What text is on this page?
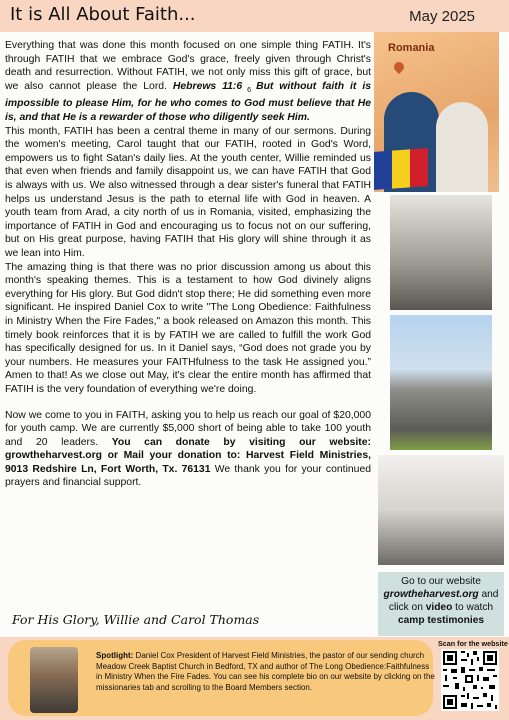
It is All About Faith...	May 2025

Everything that was done this month focused on one simple thing FATIH. It's through FATIH that we embrace God's grace, freely given through Christ's death and resurrection. Without FATIH, we not only miss this gift of grace, but we also cannot please the Lord. Hebrews 11:6 $_6$ But without faith it is impossible to please Him, for he who comes to God must believe that He is, and that He is a rewarder of those who diligently seek Him.

This month, FATIH has been a central theme in many of our sermons. During the women's meeting, Carol taught that our FATIH, rooted in God's Word, empowers us to fight Satan's daily lies. At the youth center, Willie reminded us that even when friends and family disappoint us, we can have FATIH that God is always with us. We also witnessed through a dear sister's funeral that FATIH helps us understand Jesus is the path to eternal life with God in heaven. A youth team from Arad, a city north of us in Romania, visited, emphasizing the importance of FATIH in God and encouraging us to focus not on our suffering, but on His great purpose, having FATIH that His glory will shine through it as we lean into Him.

The amazing thing is that there was no prior discussion among us about this month's speaking themes. This is a testament to how God divinely aligns everything for His glory. But God didn't stop there; He did something even more significant. He inspired Daniel Cox to write "The Long Obedience: Faithfulness in Ministry When the Fire Fades," a book released on Amazon this month. This timely book reinforces that it is by FATIH we are called to fulfill the work God has specifically designed for us. In it Daniel says, “God does not grade you by your numbers. He measures your FAITHfulness to the task He assigned you.” Amen to that! As we close out May, it's clear the entire month has affirmed that FATIH is the very foundation of everything we're doing.

Now we come to you in FAITH, asking you to help us reach our goal of $20,000 for youth camp. We are currently $5,000 short of being able to take 100 youth and 20 leaders. You can donate by visiting our website: growtheharvest.org or Mail your donation to: Harvest Field Ministries, 9013 Redshire Ln, Fort Worth, Tx. 76131 We thank you for your continued prayers and financial support.

For His Glory, Willie and Carol Thomas
Romania
Go to our website
growtheharvest.org and click on video to watch camp testimonies
Spotlight: Daniel Cox President of Harvest Field Ministries, the pastor of our sending church Meadow Creek Baptist Church in Bedford, TX and author of The Long Obedience:Faithfulness in Ministry When the Fire Fades. You can see his complete bio on our website by clicking on the missionaries tab and scrolling to the Board Members section.
Scan for the website
